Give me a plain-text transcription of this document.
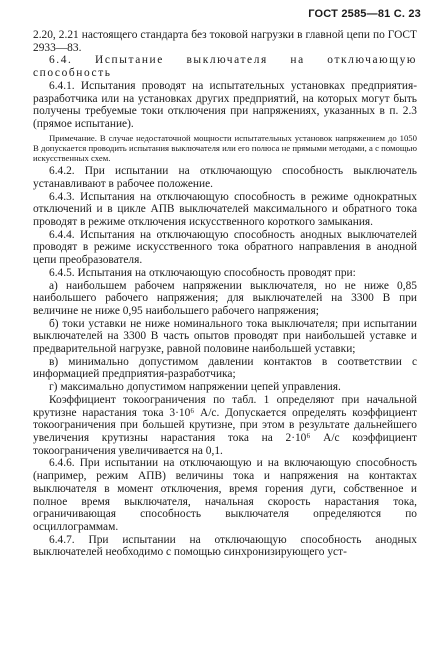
ГОСТ 2585—81 С. 23

2.20, 2.21 настоящего стандарта без токовой нагрузки в главной цепи по ГОСТ 2933—83.

6.4. Испытание выключателя на отключающую способность

6.4.1. Испытания проводят на испытательных установках предприятия-разработчика или на установках других предприятий, на которых могут быть получены требуемые токи отключения при напряжениях, указанных в п. 2.3 (прямое испытание).

Примечание. В случае недостаточной мощности испытательных установок напряжением до 1050 В допускается проводить испытания выключателя или его полюса не прямыми методами, а с помощью искусственных схем.

6.4.2. При испытании на отключающую способность выключатель устанавливают в рабочее положение.

6.4.3. Испытания на отключающую способность в режиме однократных отключений и в цикле АПВ выключателей максимального и обратного тока проводят в режиме отключения искусственного короткого замыкания.

6.4.4. Испытания на отключающую способность анодных выключателей проводят в режиме искусственного тока обратного направления в анодной цепи преобразователя.

6.4.5. Испытания на отключающую способность проводят при:

а) наибольшем рабочем напряжении выключателя, но не ниже 0,85 наибольшего рабочего напряжения; для выключателей на 3300 В при величине не ниже 0,95 наибольшего рабочего напряжения;

б) токи уставки не ниже номинального тока выключателя; при испытании выключателей на 3300 В часть опытов проводят при наибольшей уставке и предварительной нагрузке, равной половине наибольшей уставки;

в) минимально допустимом давлении контактов в соответствии с информацией предприятия-разработчика;

г) максимально допустимом напряжении цепей управления.

Коэффициент токоограничения по табл. 1 определяют при начальной крутизне нарастания тока 3·10⁶ А/с. Допускается определять коэффициент токоограничения при большей крутизне, при этом в результате дальнейшего увеличения крутизны нарастания тока на 2·10⁶ А/с коэффициент токоограничения увеличивается на 0,1.

6.4.6. При испытании на отключающую и на включающую способность (например, режим АПВ) величины тока и напряжения на контактах выключателя в момент отключения, время горения дуги, собственное и полное время выключателя, начальная скорость нарастания тока, ограничивающая способность выключателя определяются по осциллограммам.

6.4.7. При испытании на отключающую способность анодных выключателей необходимо с помощью синхронизирующего уст-
